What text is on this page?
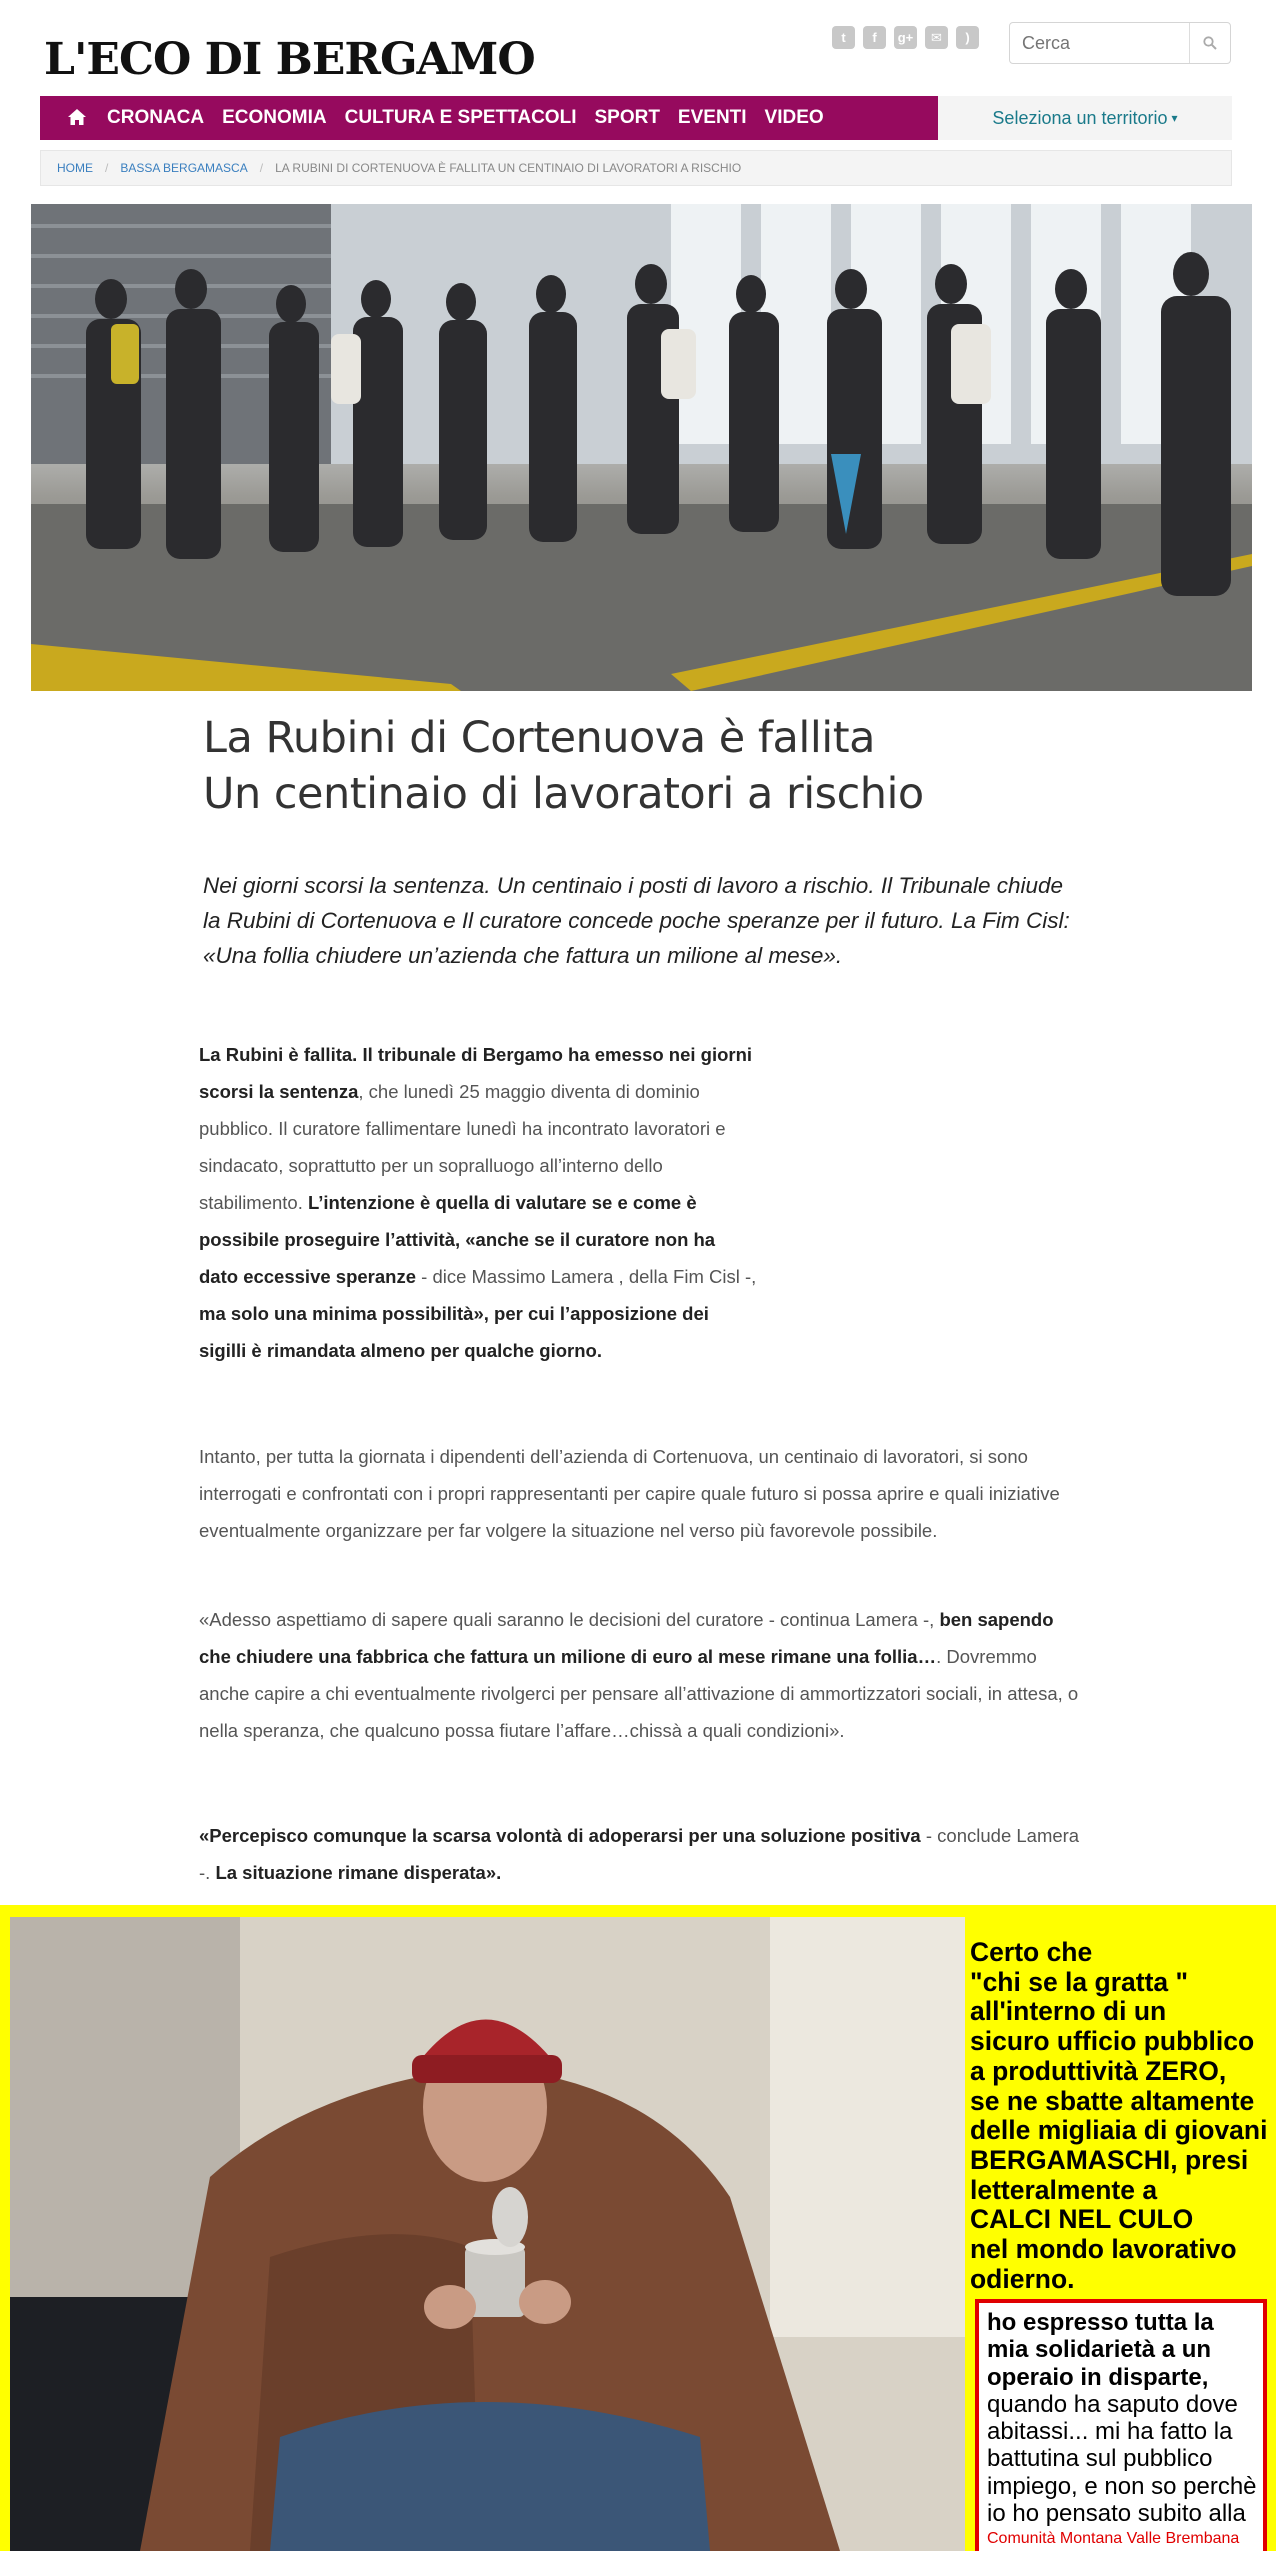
L'ECO DI BERGAMO	t	f	g+	✉	)
Cerca
CRONACA ECONOMIA CULTURA E SPETTACOLI SPORT EVENTI VIDEO	Seleziona un territorio ▾
HOME	/	BASSA BERGAMASCA	/	LA RUBINI DI CORTENUOVA È FALLITA UN CENTINAIO DI LAVORATORI A RISCHIO
La Rubini di Cortenuova è fallita
Un centinaio di lavoratori a rischio
Nei giorni scorsi la sentenza. Un centinaio i posti di lavoro a rischio. Il Tribunale chiude la Rubini di Cortenuova e Il curatore concede poche speranze per il futuro. La Fim Cisl: «Una follia chiudere un’azienda che fattura un milione al mese».
La Rubini è fallita. Il tribunale di Bergamo ha emesso nei giorni scorsi la sentenza, che lunedì 25 maggio diventa di dominio pubblico. Il curatore fallimentare lunedì ha incontrato lavoratori e sindacato, soprattutto per un sopralluogo all’interno dello stabilimento. L’intenzione è quella di valutare se e come è possibile proseguire l’attività, «anche se il curatore non ha dato eccessive speranze - dice Massimo Lamera , della Fim Cisl -, ma solo una minima possibilità», per cui l’apposizione dei sigilli è rimandata almeno per qualche giorno.
Intanto, per tutta la giornata i dipendenti dell’azienda di Cortenuova, un centinaio di lavoratori, si sono interrogati e confrontati con i propri rappresentanti per capire quale futuro si possa aprire e quali iniziative eventualmente organizzare per far volgere la situazione nel verso più favorevole possibile.
«Adesso aspettiamo di sapere quali saranno le decisioni del curatore - continua Lamera -, ben sapendo che chiudere una fabbrica che fattura un milione di euro al mese rimane una follia…. Dovremmo anche capire a chi eventualmente rivolgerci per pensare all’attivazione di ammortizzatori sociali, in attesa, o nella speranza, che qualcuno possa fiutare l’affare…chissà a quali condizioni».
«Percepisco comunque la scarsa volontà di adoperarsi per una soluzione positiva - conclude Lamera -. La situazione rimane disperata».
Certo che
"chi se la gratta "
all'interno di un
sicuro ufficio pubblico
a produttività ZERO,
se ne sbatte altamente
delle migliaia di giovani
BERGAMASCHI, presi
letteralmente a
CALCI NEL CULO
nel mondo lavorativo
odierno.
ho espresso tutta la
mia solidarietà a un
operaio in disparte,
quando ha saputo dove
abitassi... mi ha fatto la
battutina sul pubblico
impiego, e non so perchè
io ho pensato subito alla
Comunità Montana Valle Brembana
